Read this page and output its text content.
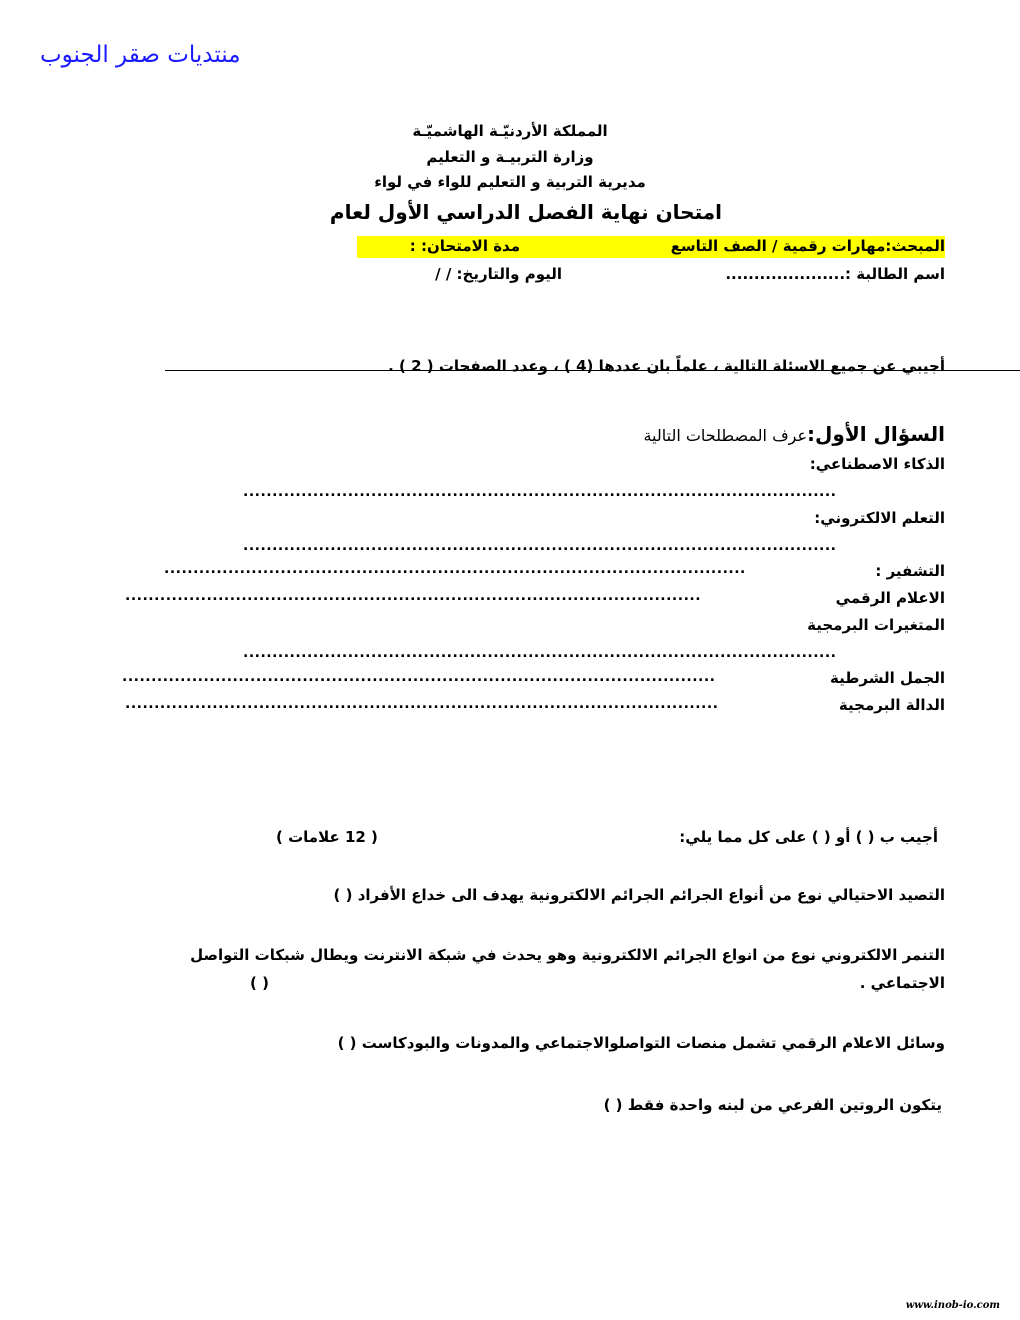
منتديات صقر الجنوب
المملكة الأردنيّـة الهاشميّـة
وزارة التربيـة و التعليم
مديرية التربية و التعليم للواء في لواء
امتحان نهاية الفصل الدراسي الأول لعام
المبحث:مهارات رقمية / الصف التاسع
مدة الامتحان: :
اسم الطالبة :.....................
اليوم والتاريخ: / /
أجيبي عن جميع الاسئلة التالية ، علماً بان عددها (4 ) ، وعدد الصفحات ( 2 ) .
السؤال الأول:عرف المصطلحات التالية
الذكاء الاصطناعي:
......................................................................................................
التعلم الالكتروني:
......................................................................................................
التشفير :
....................................................................................................
الاعلام الرقمي
...................................................................................................
المتغيرات البرمجية
......................................................................................................
الجمل الشرطية
......................................................................................................
الدالة البرمجية
......................................................................................................
أجيب ب ( ) أو ( ) على كل مما يلي:
( 12 علامات )
التصيد الاحتيالي نوع من أنواع الجرائم الجرائم الالكترونية يهدف الى خداع الأفراد ( )
التنمر الالكتروني نوع من انواع الجرائم الالكترونية وهو يحدث في شبكة الانترنت ويطال شبكات التواصل
الاجتماعي .
( )
وسائل الاعلام الرقمي تشمل منصات التواصلوالاجتماعي والمدونات والبودكاست ( )
يتكون الروتين الفرعي من لبنه واحدة فقط ( )
www.inob-io.com
